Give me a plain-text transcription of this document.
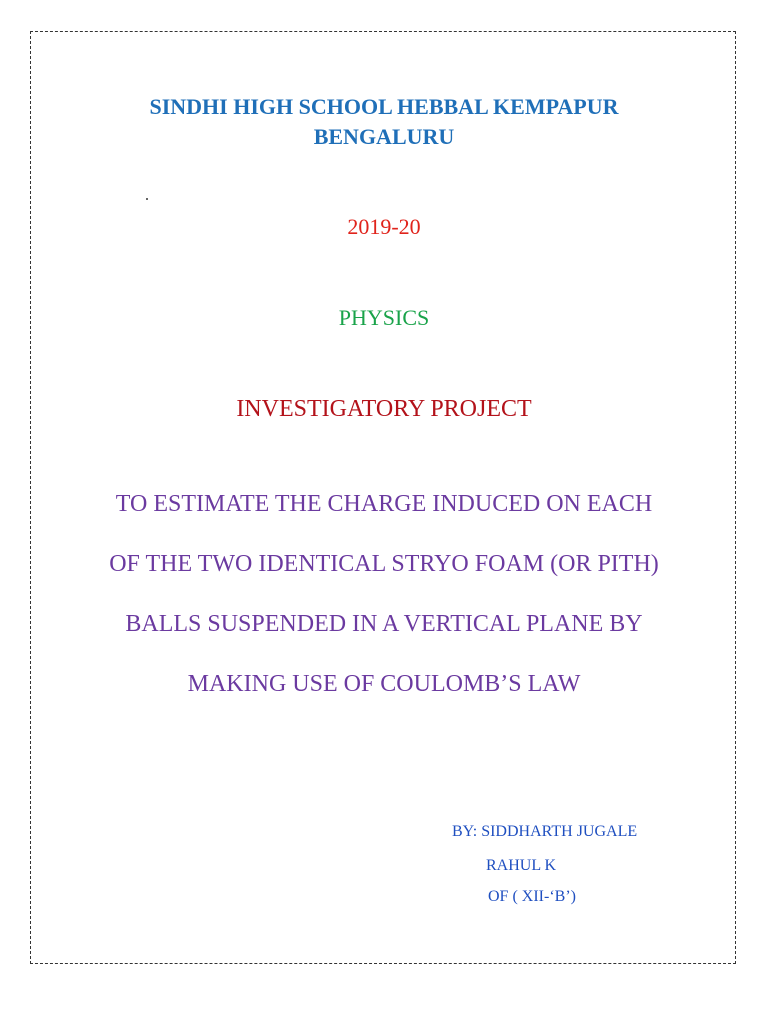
SINDHI HIGH SCHOOL HEBBAL KEMPAPUR
BENGALURU
2019-20
PHYSICS
INVESTIGATORY PROJECT
TO ESTIMATE THE CHARGE INDUCED ON EACH
OF THE TWO IDENTICAL STRYO FOAM (OR PITH)
BALLS SUSPENDED IN A VERTICAL PLANE BY
MAKING USE OF COULOMB’S LAW
BY: SIDDHARTH JUGALE
RAHUL K
OF ( XII-‘B’)
